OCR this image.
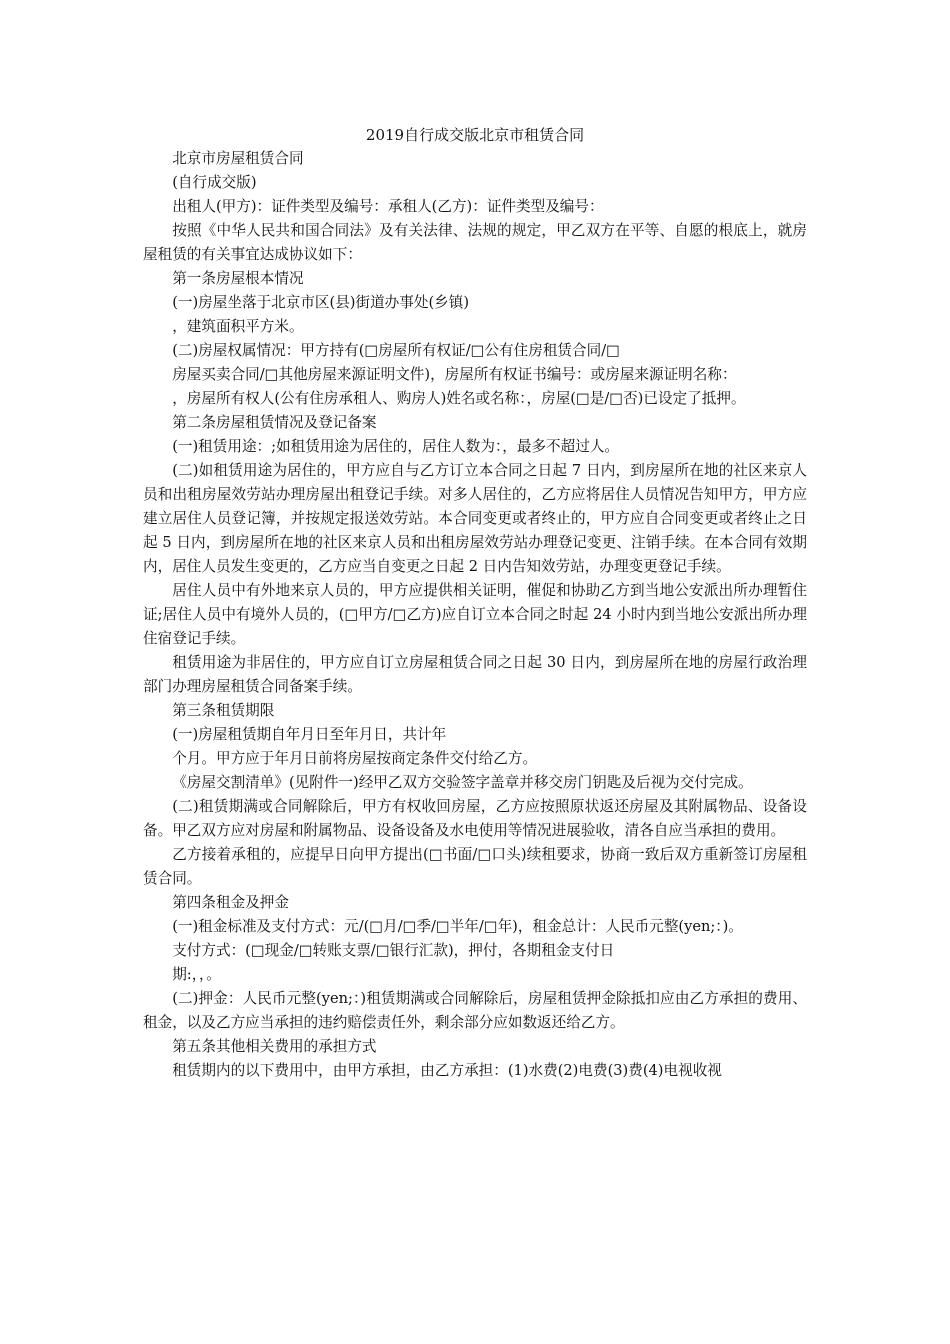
2019自行成交版北京市租赁合同

北京市房屋租赁合同

(自行成交版)

出租人(甲方)：证件类型及编号：承租人(乙方)：证件类型及编号：

按照《中华人民共和国合同法》及有关法律、法规的规定，甲乙双方在平等、自愿的根底上，就房屋租赁的有关事宜达成协议如下：

第一条房屋根本情况

(一)房屋坐落于北京市区(县)街道办事处(乡镇)

，建筑面积平方米。

(二)房屋权属情况：甲方持有(□房屋所有权证/□公有住房租赁合同/□

房屋买卖合同/□其他房屋来源证明文件)，房屋所有权证书编号：或房屋来源证明名称：

，房屋所有权人(公有住房承租人、购房人)姓名或名称：，房屋(□是/□否)已设定了抵押。

第二条房屋租赁情况及登记备案

(一)租赁用途：;如租赁用途为居住的，居住人数为：，最多不超过人。

(二)如租赁用途为居住的，甲方应自与乙方订立本合同之日起 7 日内，到房屋所在地的社区来京人员和出租房屋效劳站办理房屋出租登记手续。对多人居住的，乙方应将居住人员情况告知甲方，甲方应建立居住人员登记簿，并按规定报送效劳站。本合同变更或者终止的，甲方应自合同变更或者终止之日起 5 日内，到房屋所在地的社区来京人员和出租房屋效劳站办理登记变更、注销手续。在本合同有效期内，居住人员发生变更的，乙方应当自变更之日起 2 日内告知效劳站，办理变更登记手续。

居住人员中有外地来京人员的，甲方应提供相关证明，催促和协助乙方到当地公安派出所办理暂住证;居住人员中有境外人员的，(□甲方/□乙方)应自订立本合同之时起 24 小时内到当地公安派出所办理住宿登记手续。

租赁用途为非居住的，甲方应自订立房屋租赁合同之日起 30 日内，到房屋所在地的房屋行政治理部门办理房屋租赁合同备案手续。

第三条租赁期限

(一)房屋租赁期自年月日至年月日，共计年

个月。甲方应于年月日前将房屋按商定条件交付给乙方。

《房屋交割清单》(见附件一)经甲乙双方交验签字盖章并移交房门钥匙及后视为交付完成。

(二)租赁期满或合同解除后，甲方有权收回房屋，乙方应按照原状返还房屋及其附属物品、设备设备。甲乙双方应对房屋和附属物品、设备设备及水电使用等情况进展验收，清各自应当承担的费用。

乙方接着承租的，应提早日向甲方提出(□书面/□口头)续租要求，协商一致后双方重新签订房屋租赁合同。

第四条租金及押金

(一)租金标准及支付方式：元/(□月/□季/□半年/□年)，租金总计：人民币元整(yen;：)。

支付方式：(□现金/□转账支票/□银行汇款)，押付，各期租金支付日

期:，，。

(二)押金：人民币元整(yen;：)租赁期满或合同解除后，房屋租赁押金除抵扣应由乙方承担的费用、租金，以及乙方应当承担的违约赔偿责任外，剩余部分应如数返还给乙方。

第五条其他相关费用的承担方式

租赁期内的以下费用中，由甲方承担，由乙方承担：(1)水费(2)电费(3)费(4)电视收视
